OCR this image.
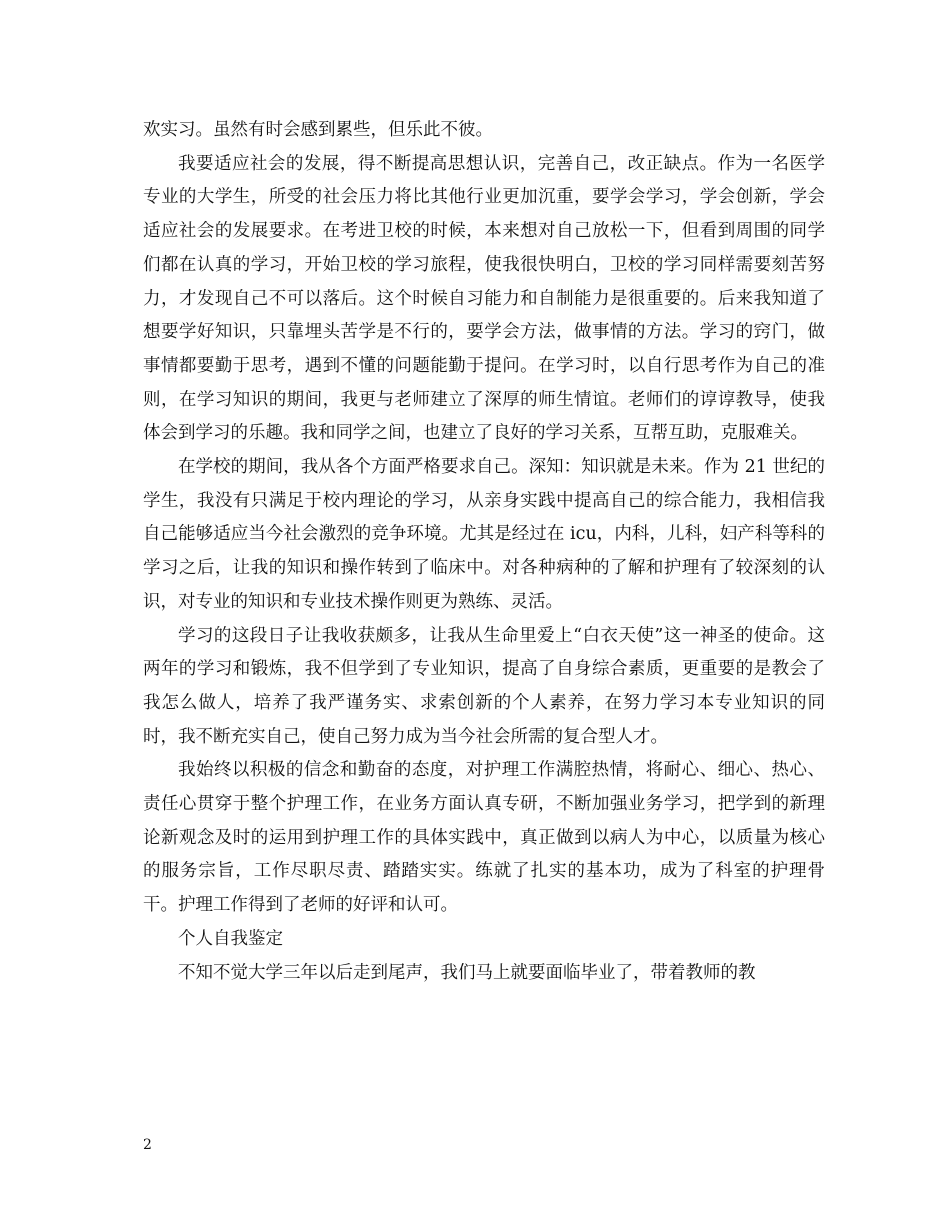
欢实习。虽然有时会感到累些，但乐此不彼。

我要适应社会的发展，得不断提高思想认识，完善自己，改正缺点。作为一名医学专业的大学生，所受的社会压力将比其他行业更加沉重，要学会学习，学会创新，学会适应社会的发展要求。在考进卫校的时候，本来想对自己放松一下，但看到周围的同学们都在认真的学习，开始卫校的学习旅程，使我很快明白，卫校的学习同样需要刻苦努力，才发现自己不可以落后。这个时候自习能力和自制能力是很重要的。后来我知道了想要学好知识，只靠埋头苦学是不行的，要学会方法，做事情的方法。学习的窍门，做事情都要勤于思考，遇到不懂的问题能勤于提问。在学习时，以自行思考作为自己的准则，在学习知识的期间，我更与老师建立了深厚的师生情谊。老师们的谆谆教导，使我体会到学习的乐趣。我和同学之间，也建立了良好的学习关系，互帮互助，克服难关。

在学校的期间，我从各个方面严格要求自己。深知：知识就是未来。作为 21 世纪的学生，我没有只满足于校内理论的学习，从亲身实践中提高自己的综合能力，我相信我自己能够适应当今社会激烈的竞争环境。尤其是经过在 icu，内科，儿科，妇产科等科的学习之后，让我的知识和操作转到了临床中。对各种病种的了解和护理有了较深刻的认识，对专业的知识和专业技术操作则更为熟练、灵活。

学习的这段日子让我收获颇多，让我从生命里爱上“白衣天使”这一神圣的使命。这两年的学习和锻炼，我不但学到了专业知识，提高了自身综合素质，更重要的是教会了我怎么做人，培养了我严谨务实、求索创新的个人素养，在努力学习本专业知识的同时，我不断充实自己，使自己努力成为当今社会所需的复合型人才。

我始终以积极的信念和勤奋的态度，对护理工作满腔热情，将耐心、细心、热心、责任心贯穿于整个护理工作，在业务方面认真专研，不断加强业务学习，把学到的新理论新观念及时的运用到护理工作的具体实践中，真正做到以病人为中心，以质量为核心的服务宗旨，工作尽职尽责、踏踏实实。练就了扎实的基本功，成为了科室的护理骨干。护理工作得到了老师的好评和认可。

个人自我鉴定

不知不觉大学三年以后走到尾声，我们马上就要面临毕业了，带着教师的教

2
